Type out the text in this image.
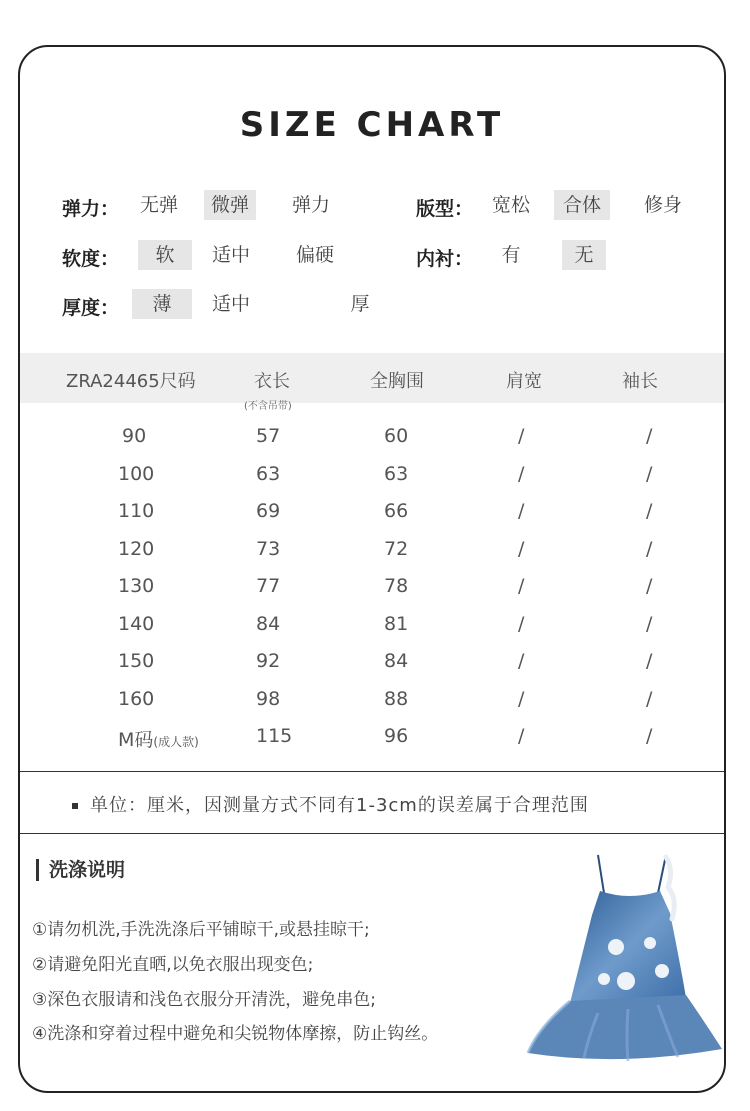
SIZE CHART
弹力： 无弹	微弹	弹力	版型： 宽松	合体	修身
软度：	软	适中 偏硬	内衬： 有	无
厚度：	薄	适中	厚
ZRA24465尺码	衣长	全胸围	肩宽	袖长
(不含吊带)
90	57	60	/	/
100	63	63	/	/
110	69	66	/	/
120	73	72	/	/
130	77	78	/	/
140	84	81	/	/
150	92	84	/	/
160	98	88	/	/
M码(成人款)	115	96	/	/
单位：厘米，因测量方式不同有1-3cm的误差属于合理范围
洗涤说明
①请勿机洗,手洗洗涤后平铺晾干,或悬挂晾干;
②请避免阳光直晒,以免衣服出现变色;
③深色衣服请和浅色衣服分开清洗，避免串色;
④洗涤和穿着过程中避免和尖锐物体摩擦，防止钩丝。
